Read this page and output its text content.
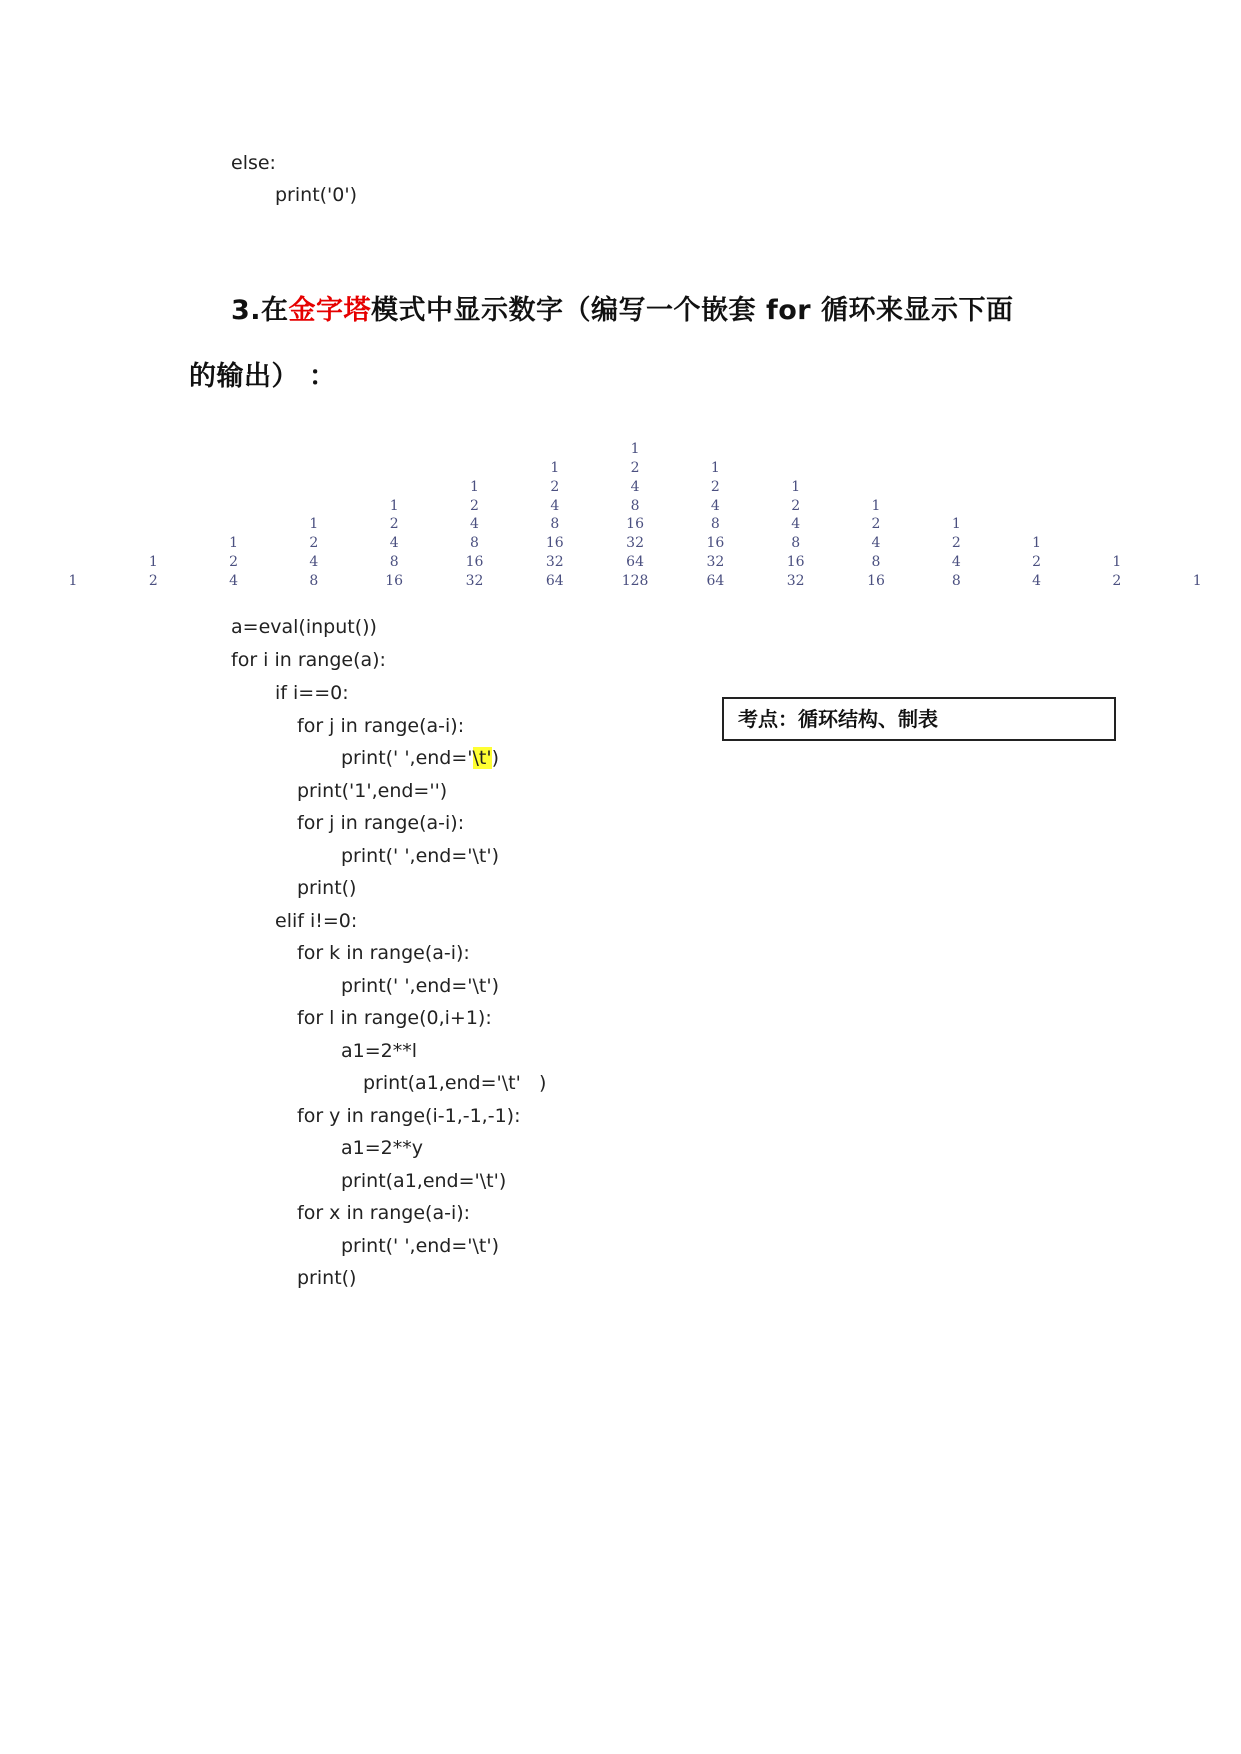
else:
print('0')
3.在金字塔模式中显示数字（编写一个嵌套 for 循环来显示下面
的输出） ：
1
1
2
1
2
4
1
2
4
8
1
2
4
8
16
1
2
4
8
16
32
1
2
4
8
16
32
64
1
2
4
8
16
32
64
128
1
2
4
8
16
32
64
1
2
4
8
16
32
1
2
4
8
16
1
2
4
8
1
2
4
1
2	1
考点：循环结构、制表
a=eval(input())
for i in range(a):
if i==0:
for j in range(a-i):
print(' ',end='\t')
print('1',end='')
for j in range(a-i):
print(' ',end='\t')
print()
elif i!=0:
for k in range(a-i):
print(' ',end='\t')
for l in range(0,i+1):
a1=2**l
print(a1,end='\t'   )
for y in range(i-1,-1,-1):
a1=2**y
print(a1,end='\t')
for x in range(a-i):
print(' ',end='\t')
print()
